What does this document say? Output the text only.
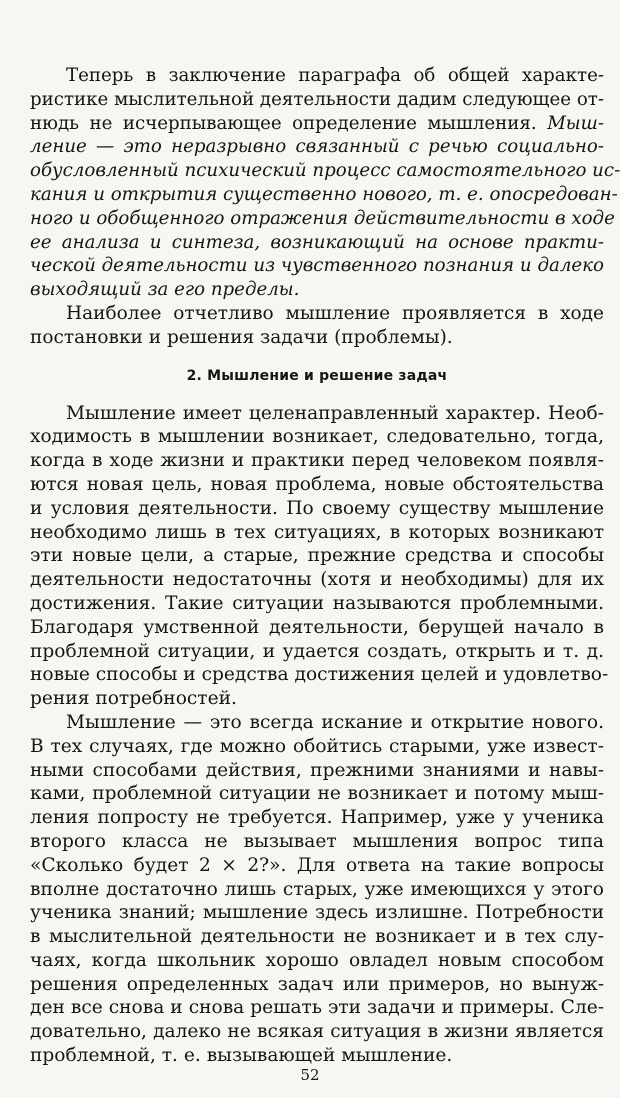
Теперь в заключение параграфа об общей характе-
ристике мыслительной деятельности дадим следующее от-
нюдь не исчерпывающее определение мышления. Мыш-
ление — это неразрывно связанный с речью социально-
обусловленный психический процесс самостоятельного ис-
кания и открытия существенно нового, т. е. опосредован-
ного и обобщенного отражения действительности в ходе
ее анализа и синтеза, возникающий на основе практи-
ческой деятельности из чувственного познания и далеко
выходящий за его пределы.
Наиболее отчетливо мышление проявляется в ходе
постановки и решения задачи (проблемы).
2. Мышление и решение задач
Мышление имеет целенаправленный характер. Необ-
ходимость в мышлении возникает, следовательно, тогда,
когда в ходе жизни и практики перед человеком появля-
ются новая цель, новая проблема, новые обстоятельства
и условия деятельности. По своему существу мышление
необходимо лишь в тех ситуациях, в которых возникают
эти новые цели, а старые, прежние средства и способы
деятельности недостаточны (хотя и необходимы) для их
достижения. Такие ситуации называются проблемными.
Благодаря умственной деятельности, берущей начало в
проблемной ситуации, и удается создать, открыть и т. д.
новые способы и средства достижения целей и удовлетво-
рения потребностей.
Мышление — это всегда искание и открытие нового.
В тех случаях, где можно обойтись старыми, уже извест-
ными способами действия, прежними знаниями и навы-
ками, проблемной ситуации не возникает и потому мыш-
ления попросту не требуется. Например, уже у ученика
второго класса не вызывает мышления вопрос типа
«Сколько будет 2 × 2?». Для ответа на такие вопросы
вполне достаточно лишь старых, уже имеющихся у этого
ученика знаний; мышление здесь излишне. Потребности
в мыслительной деятельности не возникает и в тех слу-
чаях, когда школьник хорошо овладел новым способом
решения определенных задач или примеров, но вынуж-
ден все снова и снова решать эти задачи и примеры. Сле-
довательно, далеко не всякая ситуация в жизни является
проблемной, т. е. вызывающей мышление.
52
